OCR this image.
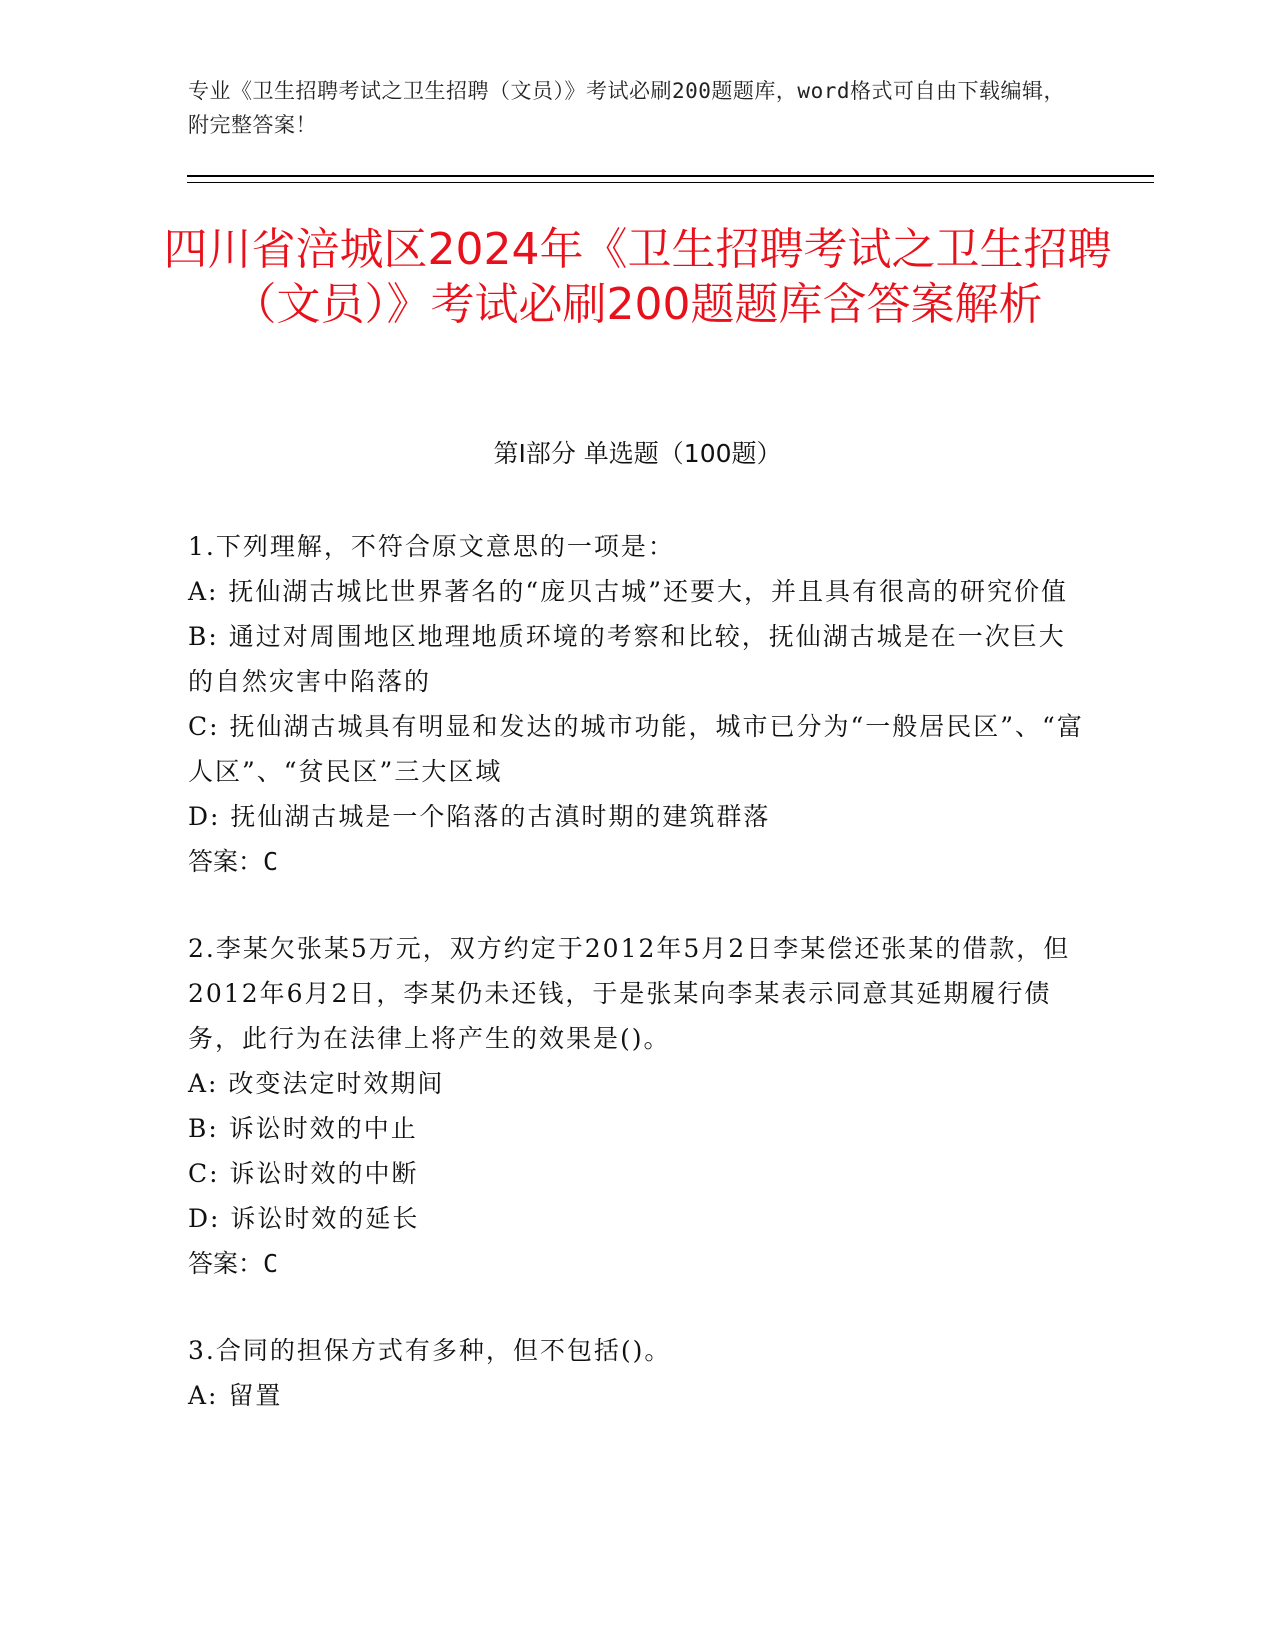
专业《卫生招聘考试之卫生招聘（文员）》考试必刷200题题库，word格式可自由下载编辑，附完整答案！
四川省涪城区2024年《卫生招聘考试之卫生招聘（文员）》考试必刷200题题库含答案解析
第I部分 单选题（100题）
1.下列理解，不符合原文意思的一项是：
A: 抚仙湖古城比世界著名的“庞贝古城”还要大，并且具有很高的研究价值
B: 通过对周围地区地理地质环境的考察和比较，抚仙湖古城是在一次巨大的自然灾害中陷落的
C: 抚仙湖古城具有明显和发达的城市功能，城市已分为“一般居民区”、“富人区”、“贫民区”三大区域
D: 抚仙湖古城是一个陷落的古滇时期的建筑群落
答案：C
2.李某欠张某5万元，双方约定于2012年5月2日李某偿还张某的借款，但2012年6月2日，李某仍未还钱，于是张某向李某表示同意其延期履行债务，此行为在法律上将产生的效果是()。
A: 改变法定时效期间
B: 诉讼时效的中止
C: 诉讼时效的中断
D: 诉讼时效的延长
答案：C
3.合同的担保方式有多种，但不包括()。
A: 留置
